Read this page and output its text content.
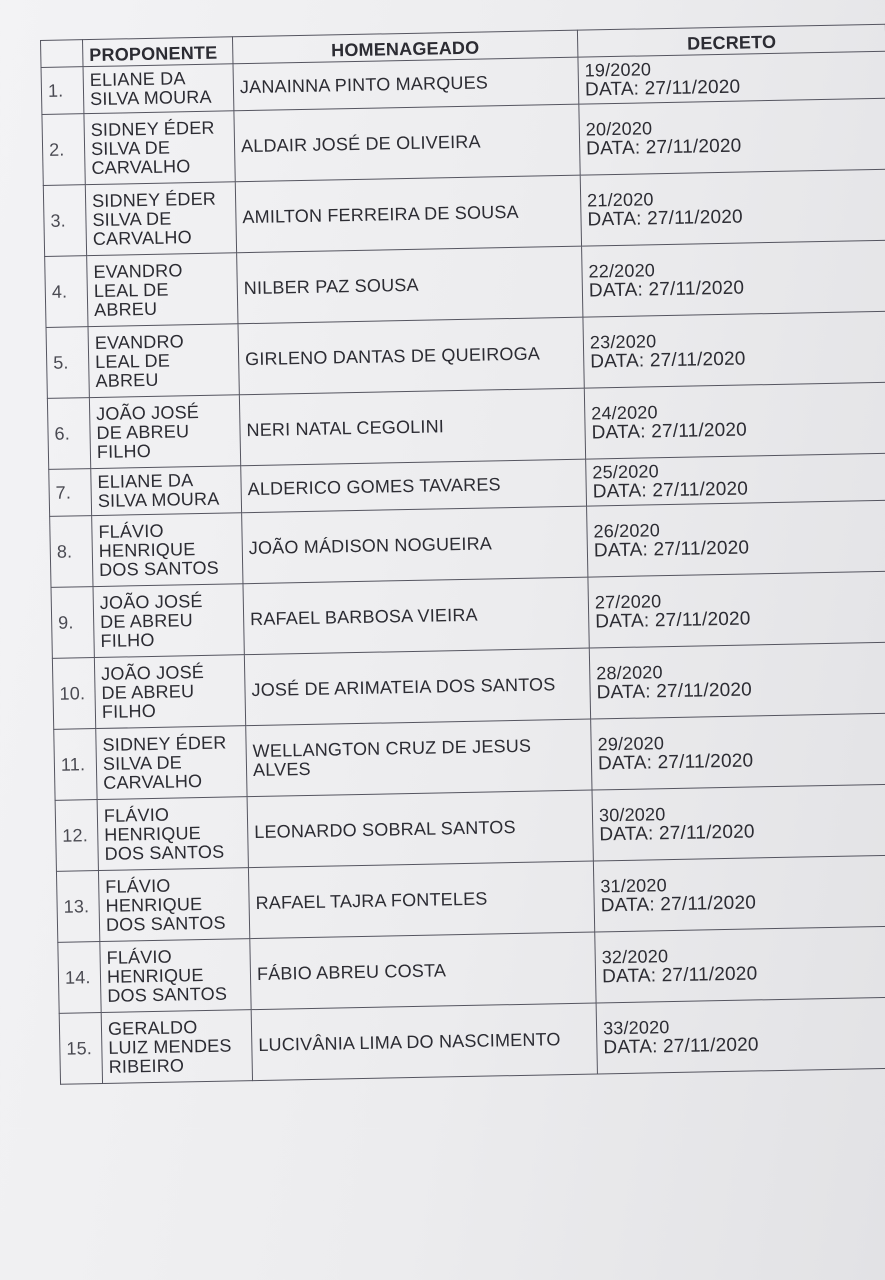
	PROPONENTE	HOMENAGEADO	DECRETO
1.	ELIANE DA
SILVA MOURA	JANAINNA PINTO MARQUES	19/2020
DATA: 27/11/2020

2.	SIDNEY ÉDER
SILVA DE
CARVALHO	ALDAIR JOSÉ DE OLIVEIRA	20/2020
DATA: 27/11/2020

3.	SIDNEY ÉDER
SILVA DE
CARVALHO	AMILTON FERREIRA DE SOUSA	21/2020
DATA: 27/11/2020

4.	EVANDRO
LEAL DE
ABREU	NILBER PAZ SOUSA	22/2020
DATA: 27/11/2020

5.	EVANDRO
LEAL DE
ABREU	GIRLENO DANTAS DE QUEIROGA	23/2020
DATA: 27/11/2020

6.	JOÃO JOSÉ
DE ABREU
FILHO	NERI NATAL CEGOLINI	24/2020
DATA: 27/11/2020

7.	ELIANE DA
SILVA MOURA	ALDERICO GOMES TAVARES	25/2020
DATA: 27/11/2020

8.	FLÁVIO
HENRIQUE
DOS SANTOS	JOÃO MÁDISON NOGUEIRA	26/2020
DATA: 27/11/2020

9.	JOÃO JOSÉ
DE ABREU
FILHO	RAFAEL BARBOSA VIEIRA	27/2020
DATA: 27/11/2020

10.	JOÃO JOSÉ
DE ABREU
FILHO	JOSÉ DE ARIMATEIA DOS SANTOS	28/2020
DATA: 27/11/2020

11.	SIDNEY ÉDER
SILVA DE
CARVALHO	WELLANGTON CRUZ DE JESUS ALVES	29/2020
DATA: 27/11/2020

12.	FLÁVIO
HENRIQUE
DOS SANTOS	LEONARDO SOBRAL SANTOS	30/2020
DATA: 27/11/2020

13.	FLÁVIO
HENRIQUE
DOS SANTOS	RAFAEL TAJRA FONTELES	31/2020
DATA: 27/11/2020

14.	FLÁVIO
HENRIQUE
DOS SANTOS	FÁBIO ABREU COSTA	32/2020
DATA: 27/11/2020

15.	GERALDO
LUIZ MENDES
RIBEIRO	LUCIVÂNIA LIMA DO NASCIMENTO	33/2020
DATA: 27/11/2020
